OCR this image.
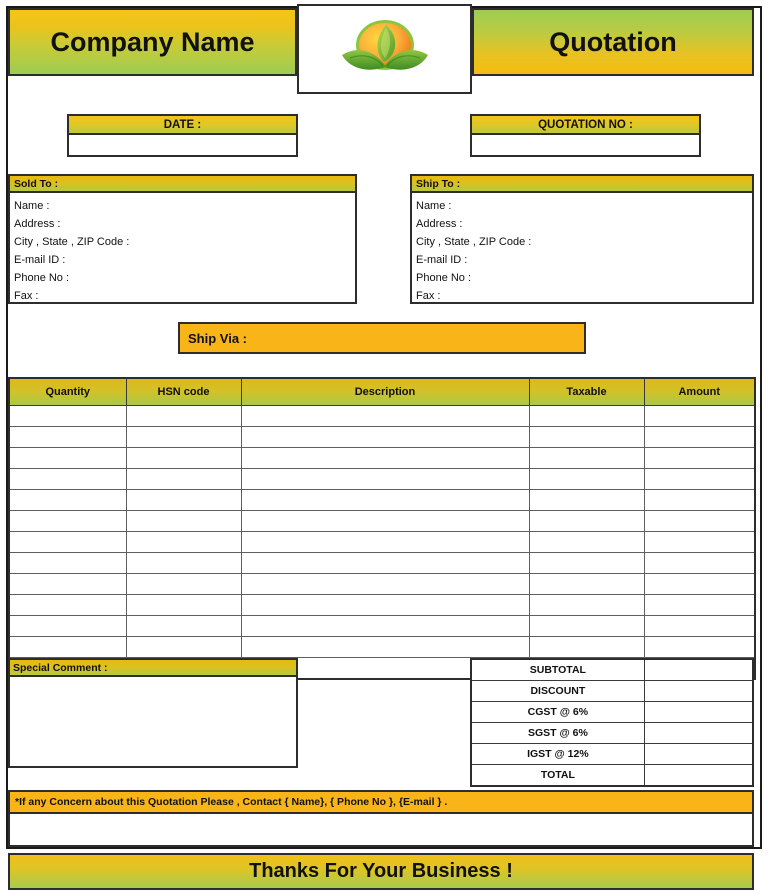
Company Name	Quotation
DATE :	QUOTATION NO :
Sold To :
Name :
Address :
City , State , ZIP Code :
E-mail ID :
Phone No :
Fax :
Ship To :
Name :
Address :
City , State , ZIP Code :
E-mail ID :
Phone No :
Fax :
Ship Via :
Quantity	HSN code	Description	Taxable	Amount

Special Comment :	SUBTOTAL	
DISCOUNT	
CGST @ 6%	
SGST @ 6%	
IGST @ 12%	
TOTAL	
*If any Concern about this Quotation Please , Contact { Name}, { Phone No }, {E-mail } .
Thanks For Your Business !
